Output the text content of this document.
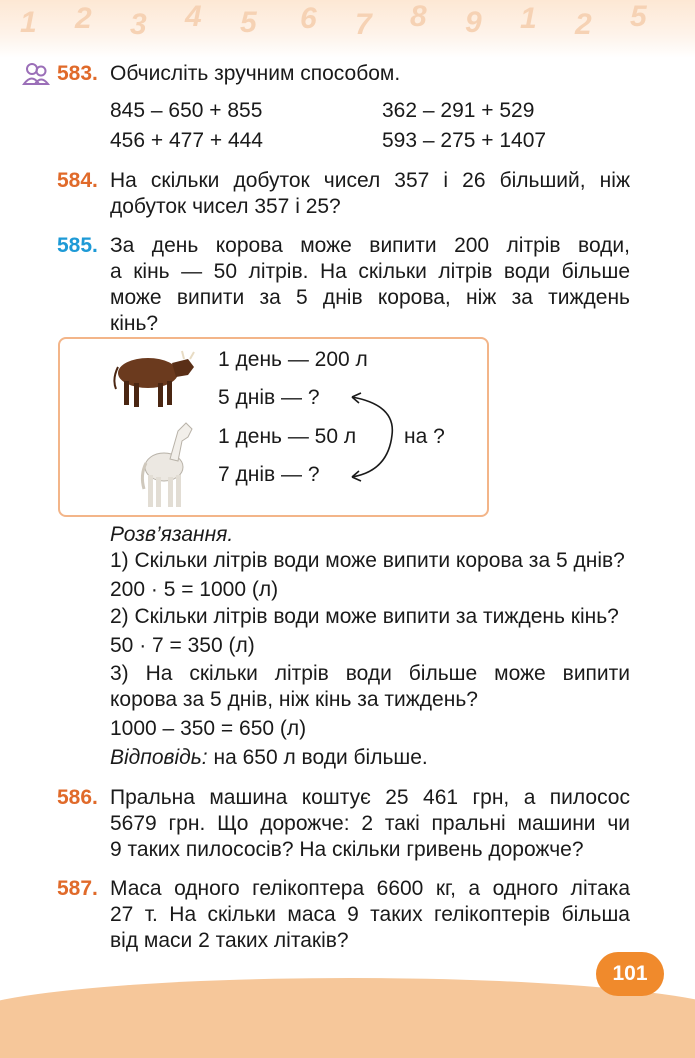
1 2 3 4 5 6 7 8 9 1 2 5
583. Обчисліть зручним способом.
845 – 650 + 855	362 – 291 + 529
456 + 477 + 444	593 – 275 + 1407
584. На скільки добуток чисел 357 і 26 більший, ніж
добуток чисел 357 і 25?
585. За день корова може випити 200 літрів води,
а кінь — 50 літрів. На скільки літрів води більше
може випити за 5 днів корова, ніж за тиждень
кінь?
1 день — 200 л
5 днів — ?
1 день — 50 л
7 днів — ?
на ?
Розв’язання.
1) Скільки літрів води може випити корова за 5 днів?
200 · 5 = 1000 (л)
2) Скільки літрів води може випити за тиждень кінь?
50 · 7 = 350 (л)
3) На скільки літрів води більше може випити
корова за 5 днів, ніж кінь за тиждень?
1000 – 350 = 650 (л)
Відповідь: на 650 л води більше.
586. Пральна машина коштує 25 461 грн, а пилосос
5679 грн. Що дорожче: 2 такі пральні машини чи
9 таких пилососів? На скільки гривень дорожче?
587. Маса одного гелікоптера 6600 кг, а одного літака
27 т. На скільки маса 9 таких гелікоптерів більша
від маси 2 таких літаків?
101
